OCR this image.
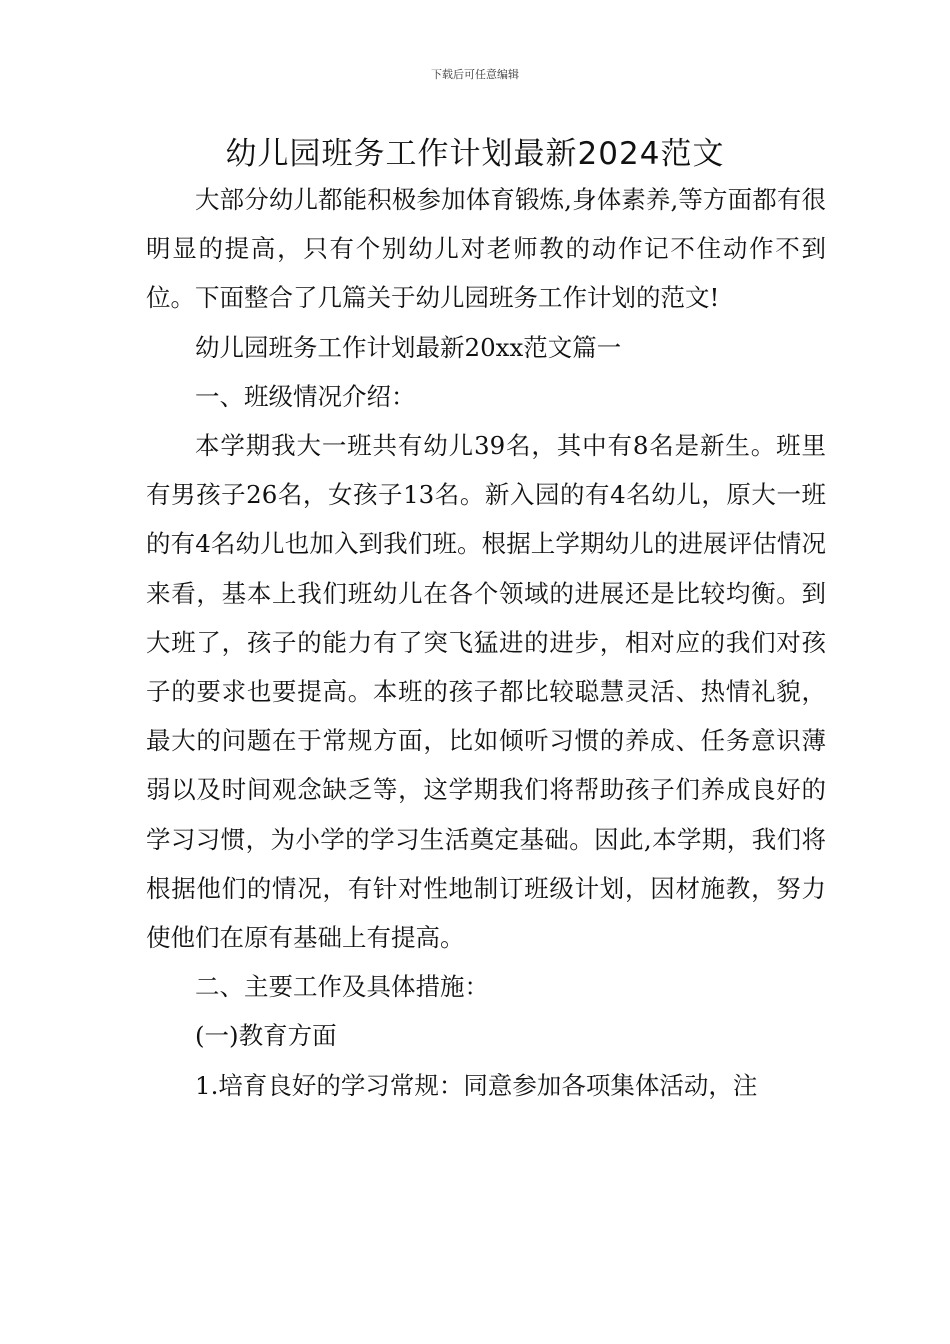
下载后可任意编辑
幼儿园班务工作计划最新2024范文

大部分幼儿都能积极参加体育锻炼,身体素养,等方面都有很明显的提高，只有个别幼儿对老师教的动作记不住动作不到位。下面整合了几篇关于幼儿园班务工作计划的范文!

幼儿园班务工作计划最新20xx范文篇一

一、班级情况介绍：

本学期我大一班共有幼儿39名，其中有8名是新生。班里有男孩子26名，女孩子13名。新入园的有4名幼儿，原大一班的有4名幼儿也加入到我们班。根据上学期幼儿的进展评估情况来看，基本上我们班幼儿在各个领域的进展还是比较均衡。到大班了，孩子的能力有了突飞猛进的进步，相对应的我们对孩子的要求也要提高。本班的孩子都比较聪慧灵活、热情礼貌，最大的问题在于常规方面，比如倾听习惯的养成、任务意识薄弱以及时间观念缺乏等，这学期我们将帮助孩子们养成良好的学习习惯，为小学的学习生活奠定基础。因此,本学期，我们将根据他们的情况，有针对性地制订班级计划，因材施教，努力使他们在原有基础上有提高。

二、主要工作及具体措施：

(一)教育方面

1.培育良好的学习常规：同意参加各项集体活动，注
